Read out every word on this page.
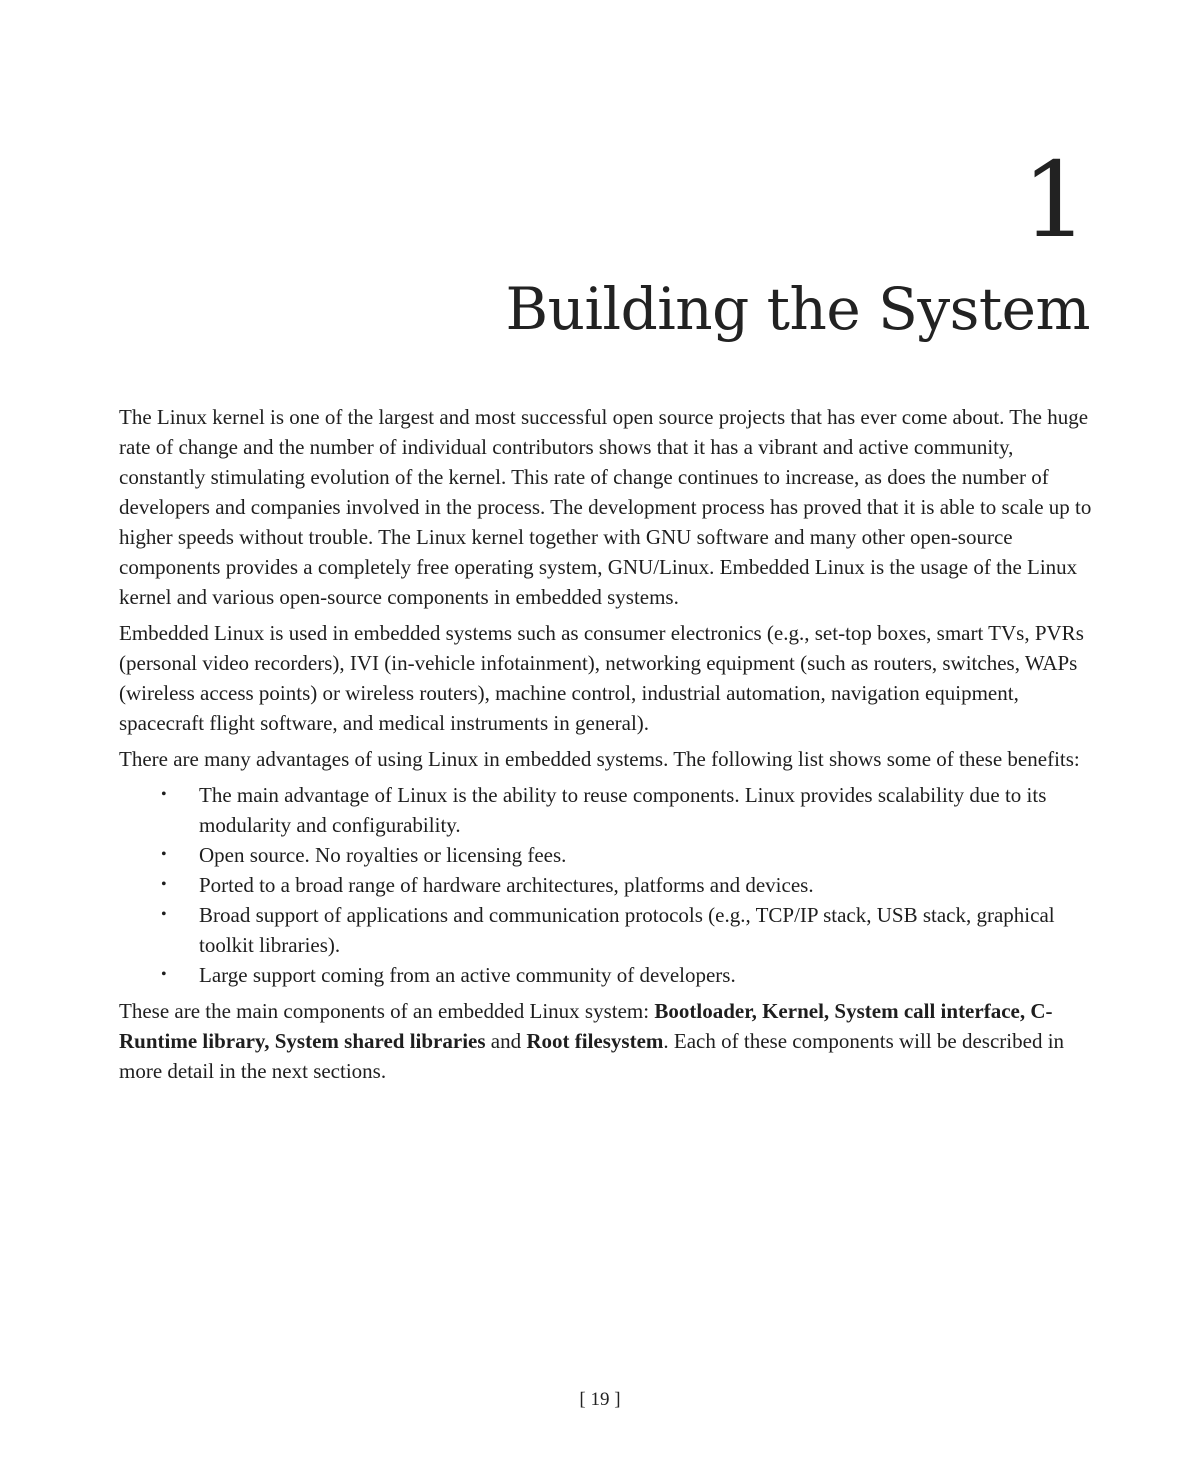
1
Building the System

The Linux kernel is one of the largest and most successful open source projects that has ever come about. The huge rate of change and the number of individual contributors shows that it has a vibrant and active community, constantly stimulating evolution of the kernel. This rate of change continues to increase, as does the number of developers and companies involved in the process. The development process has proved that it is able to scale up to higher speeds without trouble. The Linux kernel together with GNU software and many other open-source components provides a completely free operating system, GNU/Linux. Embedded Linux is the usage of the Linux kernel and various open-source components in embedded systems.

Embedded Linux is used in embedded systems such as consumer electronics (e.g., set-top boxes, smart TVs, PVRs (personal video recorders), IVI (in-vehicle infotainment), networking equipment (such as routers, switches, WAPs (wireless access points) or wireless routers), machine control, industrial automation, navigation equipment, spacecraft flight software, and medical instruments in general).

There are many advantages of using Linux in embedded systems. The following list shows some of these benefits:

• The main advantage of Linux is the ability to reuse components. Linux provides scalability due to its modularity and configurability.
• Open source. No royalties or licensing fees.
• Ported to a broad range of hardware architectures, platforms and devices.
• Broad support of applications and communication protocols (e.g., TCP/IP stack, USB stack, graphical toolkit libraries).
• Large support coming from an active community of developers.

These are the main components of an embedded Linux system: Bootloader, Kernel, System call interface, C-Runtime library, System shared libraries and Root filesystem. Each of these components will be described in more detail in the next sections.

[ 19 ]
